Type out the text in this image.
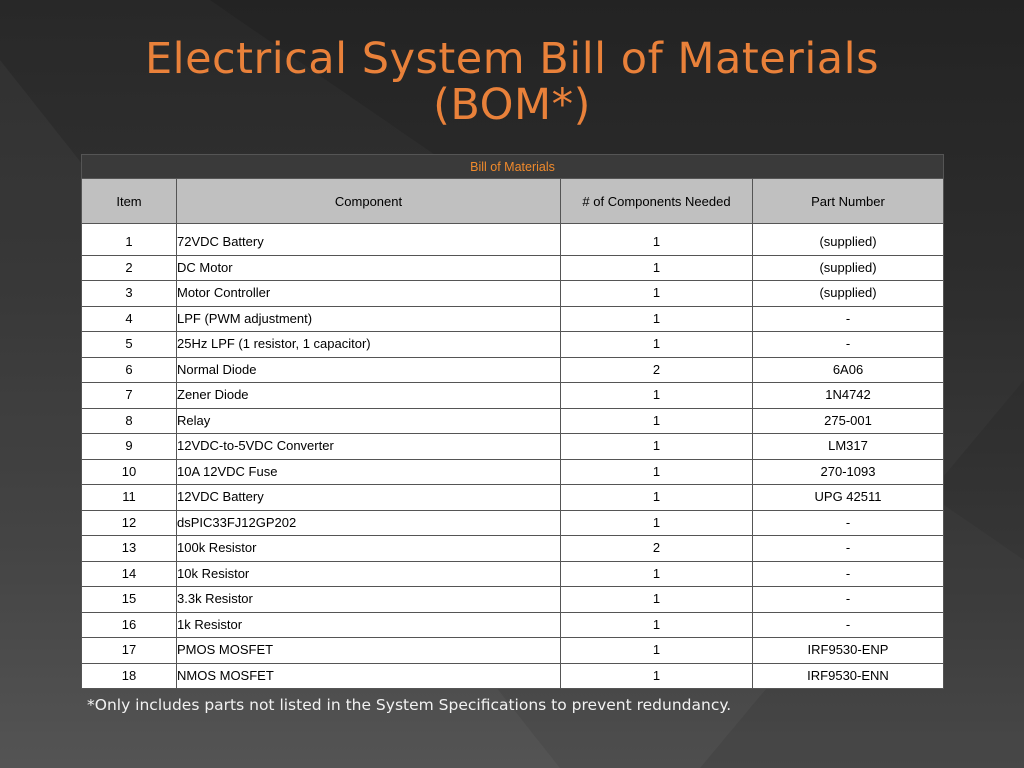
Electrical System Bill of Materials
(BOM*)
Bill of Materials			
Item	Component	# of Components Needed	Part Number
1	72VDC Battery	1	(supplied)
2	DC Motor	1	(supplied)
3	Motor Controller	1	(supplied)
4	LPF (PWM adjustment)	1	-
5	25Hz LPF (1 resistor, 1 capacitor)	1	-
6	Normal Diode	2	6A06
7	Zener Diode	1	1N4742
8	Relay	1	275-001
9	12VDC-to-5VDC Converter	1	LM317
10	10A 12VDC Fuse	1	270-1093
11	12VDC Battery	1	UPG 42511
12	dsPIC33FJ12GP202	1	-
13	100k Resistor	2	-
14	10k Resistor	1	-
15	3.3k Resistor	1	-
16	1k Resistor	1	-
17	PMOS MOSFET	1	IRF9530-ENP
18	NMOS MOSFET	1	IRF9530-ENN
*Only includes parts not listed in the System Specifications to prevent redundancy.
